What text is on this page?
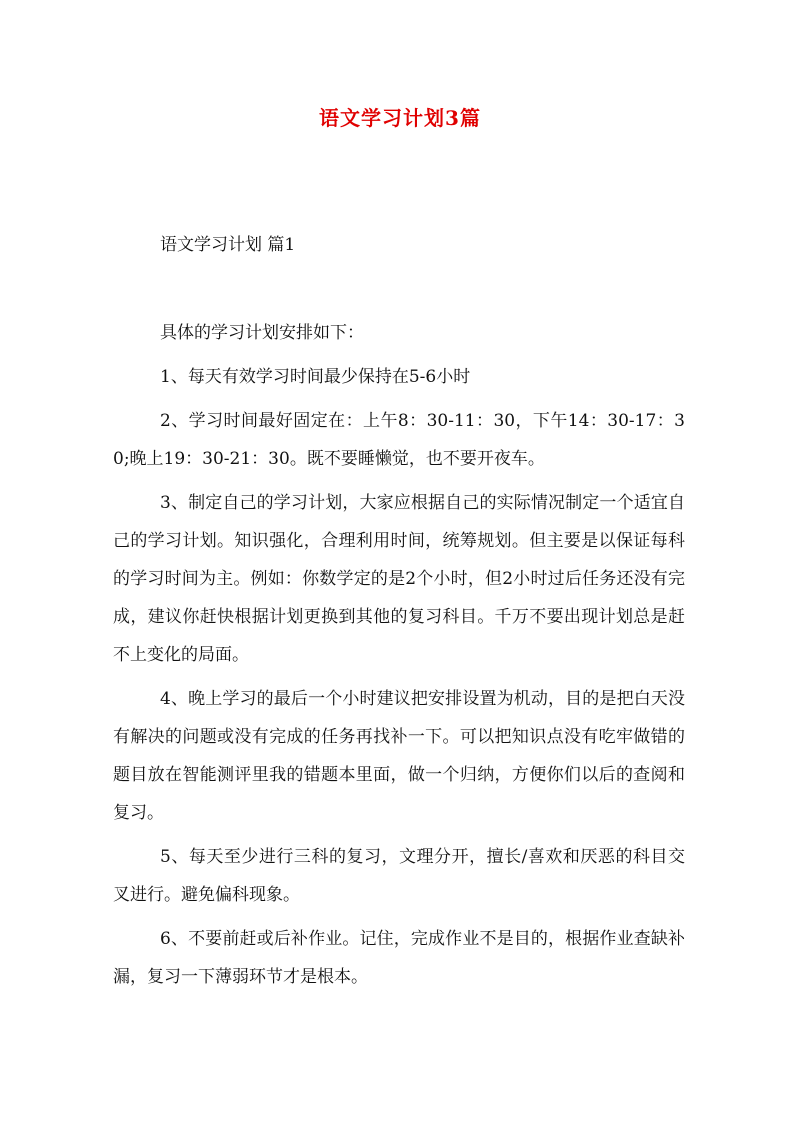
语文学习计划3篇
语文学习计划 篇1

具体的学习计划安排如下：

1、每天有效学习时间最少保持在5-6小时

2、学习时间最好固定在：上午8：30-11：30，下午14：30-17：30;晚上19：30-21：30。既不要睡懒觉，也不要开夜车。

3、制定自己的学习计划，大家应根据自己的实际情况制定一个适宜自己的学习计划。知识强化，合理利用时间，统筹规划。但主要是以保证每科的学习时间为主。例如：你数学定的是2个小时，但2小时过后任务还没有完成，建议你赶快根据计划更换到其他的复习科目。千万不要出现计划总是赶不上变化的局面。

4、晚上学习的最后一个小时建议把安排设置为机动，目的是把白天没有解决的问题或没有完成的任务再找补一下。可以把知识点没有吃牢做错的题目放在智能测评里我的错题本里面，做一个归纳，方便你们以后的查阅和复习。

5、每天至少进行三科的复习，文理分开，擅长/喜欢和厌恶的科目交叉进行。避免偏科现象。

6、不要前赶或后补作业。记住，完成作业不是目的，根据作业查缺补漏，复习一下薄弱环节才是根本。
